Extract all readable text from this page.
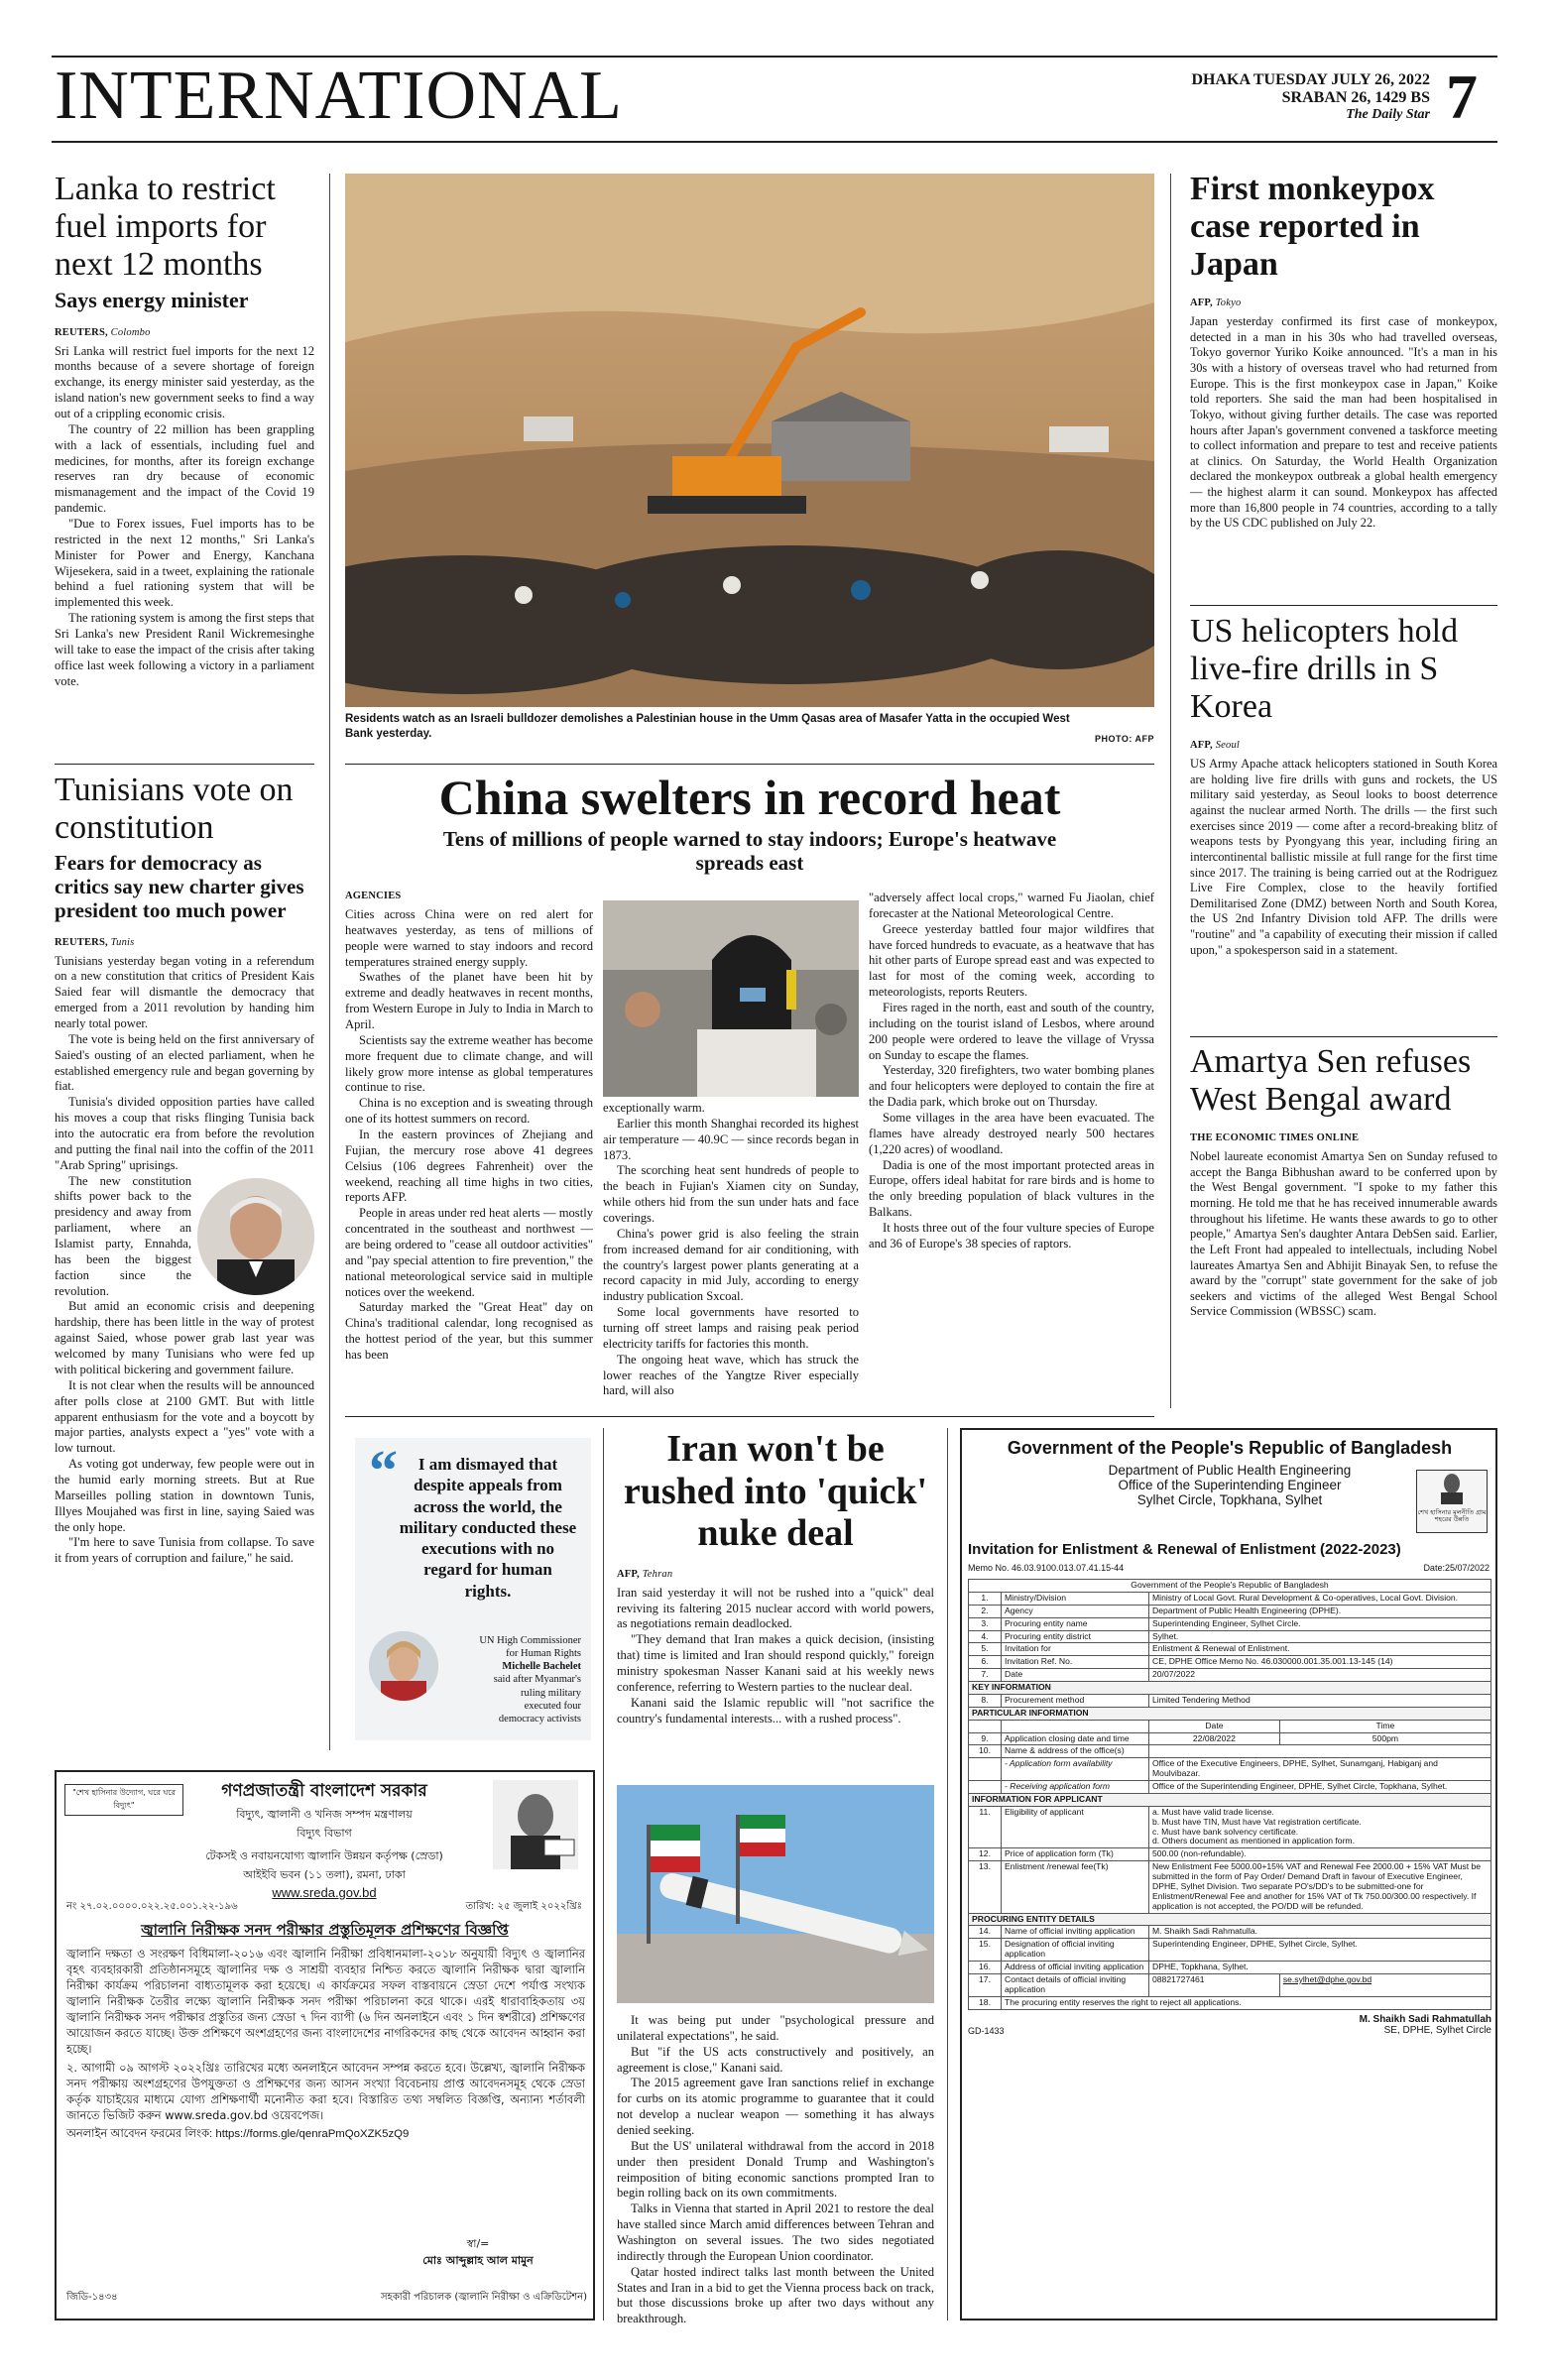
INTERNATIONAL	DHAKA TUESDAY JULY 26, 2022
SRABAN 26, 1429 BS
The Daily Star 7
Lanka to restrict fuel imports for next 12 months
Says energy minister
REUTERS, Colombo

Sri Lanka will restrict fuel imports for the next 12 months because of a severe shortage of foreign exchange, its energy minister said yesterday, as the island nation's new government seeks to find a way out of a crippling economic crisis.

The country of 22 million has been grappling with a lack of essentials, including fuel and medicines, for months, after its foreign exchange reserves ran dry because of economic mismanagement and the impact of the Covid 19 pandemic.

"Due to Forex issues, Fuel imports has to be restricted in the next 12 months," Sri Lanka's Minister for Power and Energy, Kanchana Wijesekera, said in a tweet, explaining the rationale behind a fuel rationing system that will be implemented this week.

The rationing system is among the first steps that Sri Lanka's new President Ranil Wickremesinghe will take to ease the impact of the crisis after taking office last week following a victory in a parliament vote.

Residents watch as an Israeli bulldozer demolishes a Palestinian house in the Umm Qasas area of Masafer Yatta in the occupied West Bank yesterday.	PHOTO: AFP
First monkeypox case reported in Japan
AFP, Tokyo

Japan yesterday confirmed its first case of monkeypox, detected in a man in his 30s who had travelled overseas, Tokyo governor Yuriko Koike announced. "It's a man in his 30s with a history of overseas travel who had returned from Europe. This is the first monkeypox case in Japan," Koike told reporters. She said the man had been hospitalised in Tokyo, without giving further details. The case was reported hours after Japan's government convened a taskforce meeting to collect information and prepare to test and receive patients at clinics. On Saturday, the World Health Organization declared the monkeypox outbreak a global health emergency — the highest alarm it can sound. Monkeypox has affected more than 16,800 people in 74 countries, according to a tally by the US CDC published on July 22.

US helicopters hold live-fire drills in S Korea
AFP, Seoul

US Army Apache attack helicopters stationed in South Korea are holding live fire drills with guns and rockets, the US military said yesterday, as Seoul looks to boost deterrence against the nuclear armed North. The drills — the first such exercises since 2019 — come after a record-breaking blitz of weapons tests by Pyongyang this year, including firing an intercontinental ballistic missile at full range for the first time since 2017. The training is being carried out at the Rodriguez Live Fire Complex, close to the heavily fortified Demilitarised Zone (DMZ) between North and South Korea, the US 2nd Infantry Division told AFP. The drills were "routine" and "a capability of executing their mission if called upon," a spokesperson said in a statement.

Amartya Sen refuses West Bengal award
THE ECONOMIC TIMES ONLINE

Nobel laureate economist Amartya Sen on Sunday refused to accept the Banga Bibhushan award to be conferred upon by the West Bengal government. "I spoke to my father this morning. He told me that he has received innumerable awards throughout his lifetime. He wants these awards to go to other people," Amartya Sen's daughter Antara DebSen said. Earlier, the Left Front had appealed to intellectuals, including Nobel laureates Amartya Sen and Abhijit Binayak Sen, to refuse the award by the "corrupt" state government for the sake of job seekers and victims of the alleged West Bengal School Service Commission (WBSSC) scam.

Tunisians vote on constitution
Fears for democracy as critics say new charter gives president too much power
REUTERS, Tunis

Tunisians yesterday began voting in a referendum on a new constitution that critics of President Kais Saied fear will dismantle the democracy that emerged from a 2011 revolution by handing him nearly total power.

The vote is being held on the first anniversary of Saied's ousting of an elected parliament, when he established emergency rule and began governing by fiat.

Tunisia's divided opposition parties have called his moves a coup that risks flinging Tunisia back into the autocratic era from before the revolution and putting the final nail into the coffin of the 2011 "Arab Spring" uprisings.

The new constitution shifts power back to the presidency and away from parliament, where an Islamist party, Ennahda, has been the biggest faction since the revolution.

But amid an economic crisis and deepening hardship, there has been little in the way of protest against Saied, whose power grab last year was welcomed by many Tunisians who were fed up with political bickering and government failure.

It is not clear when the results will be announced after polls close at 2100 GMT. But with little apparent enthusiasm for the vote and a boycott by major parties, analysts expect a "yes" vote with a low turnout.

As voting got underway, few people were out in the humid early morning streets. But at Rue Marseilles polling station in downtown Tunis, Illyes Moujahed was first in line, saying Saied was the only hope.

"I'm here to save Tunisia from collapse. To save it from years of corruption and failure," he said.

China swelters in record heat
Tens of millions of people warned to stay indoors; Europe's heatwave spreads east
AGENCIES

Cities across China were on red alert for heatwaves yesterday, as tens of millions of people were warned to stay indoors and record temperatures strained energy supply.

Swathes of the planet have been hit by extreme and deadly heatwaves in recent months, from Western Europe in July to India in March to April.

Scientists say the extreme weather has become more frequent due to climate change, and will likely grow more intense as global temperatures continue to rise.

China is no exception and is sweating through one of its hottest summers on record.

In the eastern provinces of Zhejiang and Fujian, the mercury rose above 41 degrees Celsius (106 degrees Fahrenheit) over the weekend, reaching all time highs in two cities, reports AFP.

People in areas under red heat alerts — mostly concentrated in the southeast and northwest — are being ordered to "cease all outdoor activities" and "pay special attention to fire prevention," the national meteorological service said in multiple notices over the weekend.

Saturday marked the "Great Heat" day on China's traditional calendar, long recognised as the hottest period of the year, but this summer has been

exceptionally warm.

Earlier this month Shanghai recorded its highest air temperature — 40.9C — since records began in 1873.

The scorching heat sent hundreds of people to the beach in Fujian's Xiamen city on Sunday, while others hid from the sun under hats and face coverings.

China's power grid is also feeling the strain from increased demand for air conditioning, with the country's largest power plants generating at a record capacity in mid July, according to energy industry publication Sxcoal.

Some local governments have resorted to turning off street lamps and raising peak period electricity tariffs for factories this month.

The ongoing heat wave, which has struck the lower reaches of the Yangtze River especially hard, will also

"adversely affect local crops," warned Fu Jiaolan, chief forecaster at the National Meteorological Centre.

Greece yesterday battled four major wildfires that have forced hundreds to evacuate, as a heatwave that has hit other parts of Europe spread east and was expected to last for most of the coming week, according to meteorologists, reports Reuters.

Fires raged in the north, east and south of the country, including on the tourist island of Lesbos, where around 200 people were ordered to leave the village of Vryssa on Sunday to escape the flames.

Yesterday, 320 firefighters, two water bombing planes and four helicopters were deployed to contain the fire at the Dadia park, which broke out on Thursday.

Some villages in the area have been evacuated. The flames have already destroyed nearly 500 hectares (1,220 acres) of woodland.

Dadia is one of the most important protected areas in Europe, offers ideal habitat for rare birds and is home to the only breeding population of black vultures in the Balkans.

It hosts three out of the four vulture species of Europe and 36 of Europe's 38 species of raptors.

“	I am dismayed that despite appeals from across the world, the military conducted these executions with no regard for human rights.
UN High Commissioner
for Human Rights
Michelle Bachelet
said after Myanmar's
ruling military
executed four
democracy activists
Iran won't be rushed into 'quick' nuke deal
AFP, Tehran

Iran said yesterday it will not be rushed into a "quick" deal reviving its faltering 2015 nuclear accord with world powers, as negotiations remain deadlocked.

"They demand that Iran makes a quick decision, (insisting that) time is limited and Iran should respond quickly," foreign ministry spokesman Nasser Kanani said at his weekly news conference, referring to Western parties to the nuclear deal.

Kanani said the Islamic republic will "not sacrifice the country's fundamental interests... with a rushed process".

It was being put under "psychological pressure and unilateral expectations", he said.

But "if the US acts constructively and positively, an agreement is close," Kanani said.

The 2015 agreement gave Iran sanctions relief in exchange for curbs on its atomic programme to guarantee that it could not develop a nuclear weapon — something it has always denied seeking.

But the US' unilateral withdrawal from the accord in 2018 under then president Donald Trump and Washington's reimposition of biting economic sanctions prompted Iran to begin rolling back on its own commitments.

Talks in Vienna that started in April 2021 to restore the deal have stalled since March amid differences between Tehran and Washington on several issues. The two sides negotiated indirectly through the European Union coordinator.

Qatar hosted indirect talks last month between the United States and Iran in a bid to get the Vienna process back on track, but those discussions broke up after two days without any breakthrough.

"শেখ হাসিনার উদ্যোগ, ঘরে ঘরে বিদ্যুৎ"
গণপ্রজাতন্ত্রী বাংলাদেশ সরকার
বিদ্যুৎ, জ্বালানী ও খনিজ সম্পদ মন্ত্রণালয়
বিদ্যুৎ বিভাগ
টেকসই ও নবায়নযোগ্য জ্বালানি উন্নয়ন কর্তৃপক্ষ (স্রেডা)
আইইবি ভবন (১১ তলা), রমনা, ঢাকা
www.sreda.gov.bd
নং ২৭.০২.০০০০.০২২.২৫.০০১.২২-১৯৬	তারিখ: ২৫ জুলাই ২০২২খ্রিঃ
জ্বালানি নিরীক্ষক সনদ পরীক্ষার প্রস্তুতিমূলক প্রশিক্ষণের বিজ্ঞপ্তি

জ্বালানি দক্ষতা ও সংরক্ষণ বিধিমালা-২০১৬ এবং জ্বালানি নিরীক্ষা প্রবিধানমালা-২০১৮ অনুযায়ী বিদ্যুৎ ও জ্বালানির বৃহৎ ব্যবহারকারী প্রতিষ্ঠানসমূহে জ্বালানির দক্ষ ও সাশ্রয়ী ব্যবহার নিশ্চিত করতে জ্বালানি নিরীক্ষক দ্বারা জ্বালানি নিরীক্ষা কার্যক্রম পরিচালনা বাধ্যতামূলক করা হয়েছে। এ কার্যক্রমের সফল বাস্তবায়নে স্রেডা দেশে পর্যাপ্ত সংখ্যক জ্বালানি নিরীক্ষক তৈরীর লক্ষ্যে জ্বালানি নিরীক্ষক সনদ পরীক্ষা পরিচালনা করে থাকে। এরই ধারাবাহিকতায় ৩য় জ্বালানি নিরীক্ষক সনদ পরীক্ষার প্রস্তুতির জন্য স্রেডা ৭ দিন ব্যাপী (৬ দিন অনলাইনে এবং ১ দিন স্বশরীরে) প্রশিক্ষণের আয়োজন করতে যাচ্ছে। উক্ত প্রশিক্ষণে অংশগ্রহণের জন্য বাংলাদেশের নাগরিকদের কাছ থেকে আবেদন আহ্বান করা হচ্ছে।

২. আগামী ০৯ আগস্ট ২০২২খ্রিঃ তারিখের মধ্যে অনলাইনে আবেদন সম্পন্ন করতে হবে। উল্লেখ্য, জ্বালানি নিরীক্ষক সনদ পরীক্ষায় অংশগ্রহণের উপযুক্ততা ও প্রশিক্ষণের জন্য আসন সংখ্যা বিবেচনায় প্রাপ্ত আবেদনসমূহ থেকে স্রেডা কর্তৃক যাচাইয়ের মাধ্যমে যোগ্য প্রশিক্ষণার্থী মনোনীত করা হবে। বিস্তারিত তথ্য সম্বলিত বিজ্ঞপ্তি, অন্যান্য শর্তাবলী জানতে ভিজিট করুন www.sreda.gov.bd ওয়েবপেজ।

অনলাইন আবেদন ফরমের লিংক: https://forms.gle/qenraPmQoXZK5zQ9

স্বা/=
মোঃ আব্দুল্লাহ আল মামুন
সহকারী পরিচালক (জ্বালানি নিরীক্ষা ও এক্রিডিটেশন)
জিডি-১৪৩৪
Government of the People's Republic of Bangladesh
Department of Public Health Engineering
Office of the Superintending Engineer
Sylhet Circle, Topkhana, Sylhet
শেখ হাসিনার মূলনীতি গ্রাম শহরের উন্নতি
Invitation for Enlistment & Renewal of Enlistment (2022-2023)
Memo No. 46.03.9100.013.07.41.15-44	Date:25/07/2022
Government of the People's Republic of Bangladesh			
1.	Ministry/Division	Ministry of Local Govt. Rural Development & Co-operatives, Local Govt. Division.	
2.	Agency	Department of Public Health Engineering (DPHE).	
3.	Procuring entity name	Superintending Engineer, Sylhet Circle.	
4.	Procuring entity district	Sylhet.	
5.	Invitation for	Enlistment & Renewal of Enlistment.	
6.	Invitation Ref. No.	CE, DPHE Office Memo No. 46.030000.001.35.001.13-145 (14)	
7.	Date	20/07/2022	
KEY INFORMATION			
8.	Procurement method	Limited Tendering Method	
PARTICULAR INFORMATION			
		Date	Time
9.	Application closing date and time	22/08/2022	500pm
10.	Name & address of the office(s)		
	- Application form availability	Office of the Executive Engineers, DPHE, Sylhet, Sunamganj, Habiganj and Moulvibazar.	
	- Receiving application form	Office of the Superintending Engineer, DPHE, Sylhet Circle, Topkhana, Sylhet.	
INFORMATION FOR APPLICANT			
11.	Eligibility of applicant	a. Must have valid trade license.
b. Must have TIN, Must have Vat registration certificate.
c. Must have bank solvency certificate.
d. Others document as mentioned in application form.	

12.	Price of application form (Tk)	500.00 (non-refundable).	
13.	Enlistment /renewal fee(Tk)	New Enlistment Fee 5000.00+15% VAT and Renewal Fee 2000.00 + 15% VAT Must be submitted in the form of Pay Order/ Demand Draft in favour of Executive Engineer, DPHE, Sylhet Division. Two separate PO's/DD's to be submitted-one for Enlistment/Renewal Fee and another for 15% VAT of Tk 750.00/300.00 respectively. If application is not accepted, the PO/DD will be refunded.	
PROCURING ENTITY DETAILS			
14.	Name of official inviting application	M. Shaikh Sadi Rahmatulla.	
15.	Designation of official inviting application	Superintending Engineer, DPHE, Sylhet Circle, Sylhet.	
16.	Address of official inviting application	DPHE, Topkhana, Sylhet.	
17.	Contact details of official inviting application	08821727461	se.sylhet@dphe.gov.bd
18.	The procuring entity reserves the right to reject all applications.		
M. Shaikh Sadi Rahmatullah
SE, DPHE, Sylhet Circle
GD-1433
